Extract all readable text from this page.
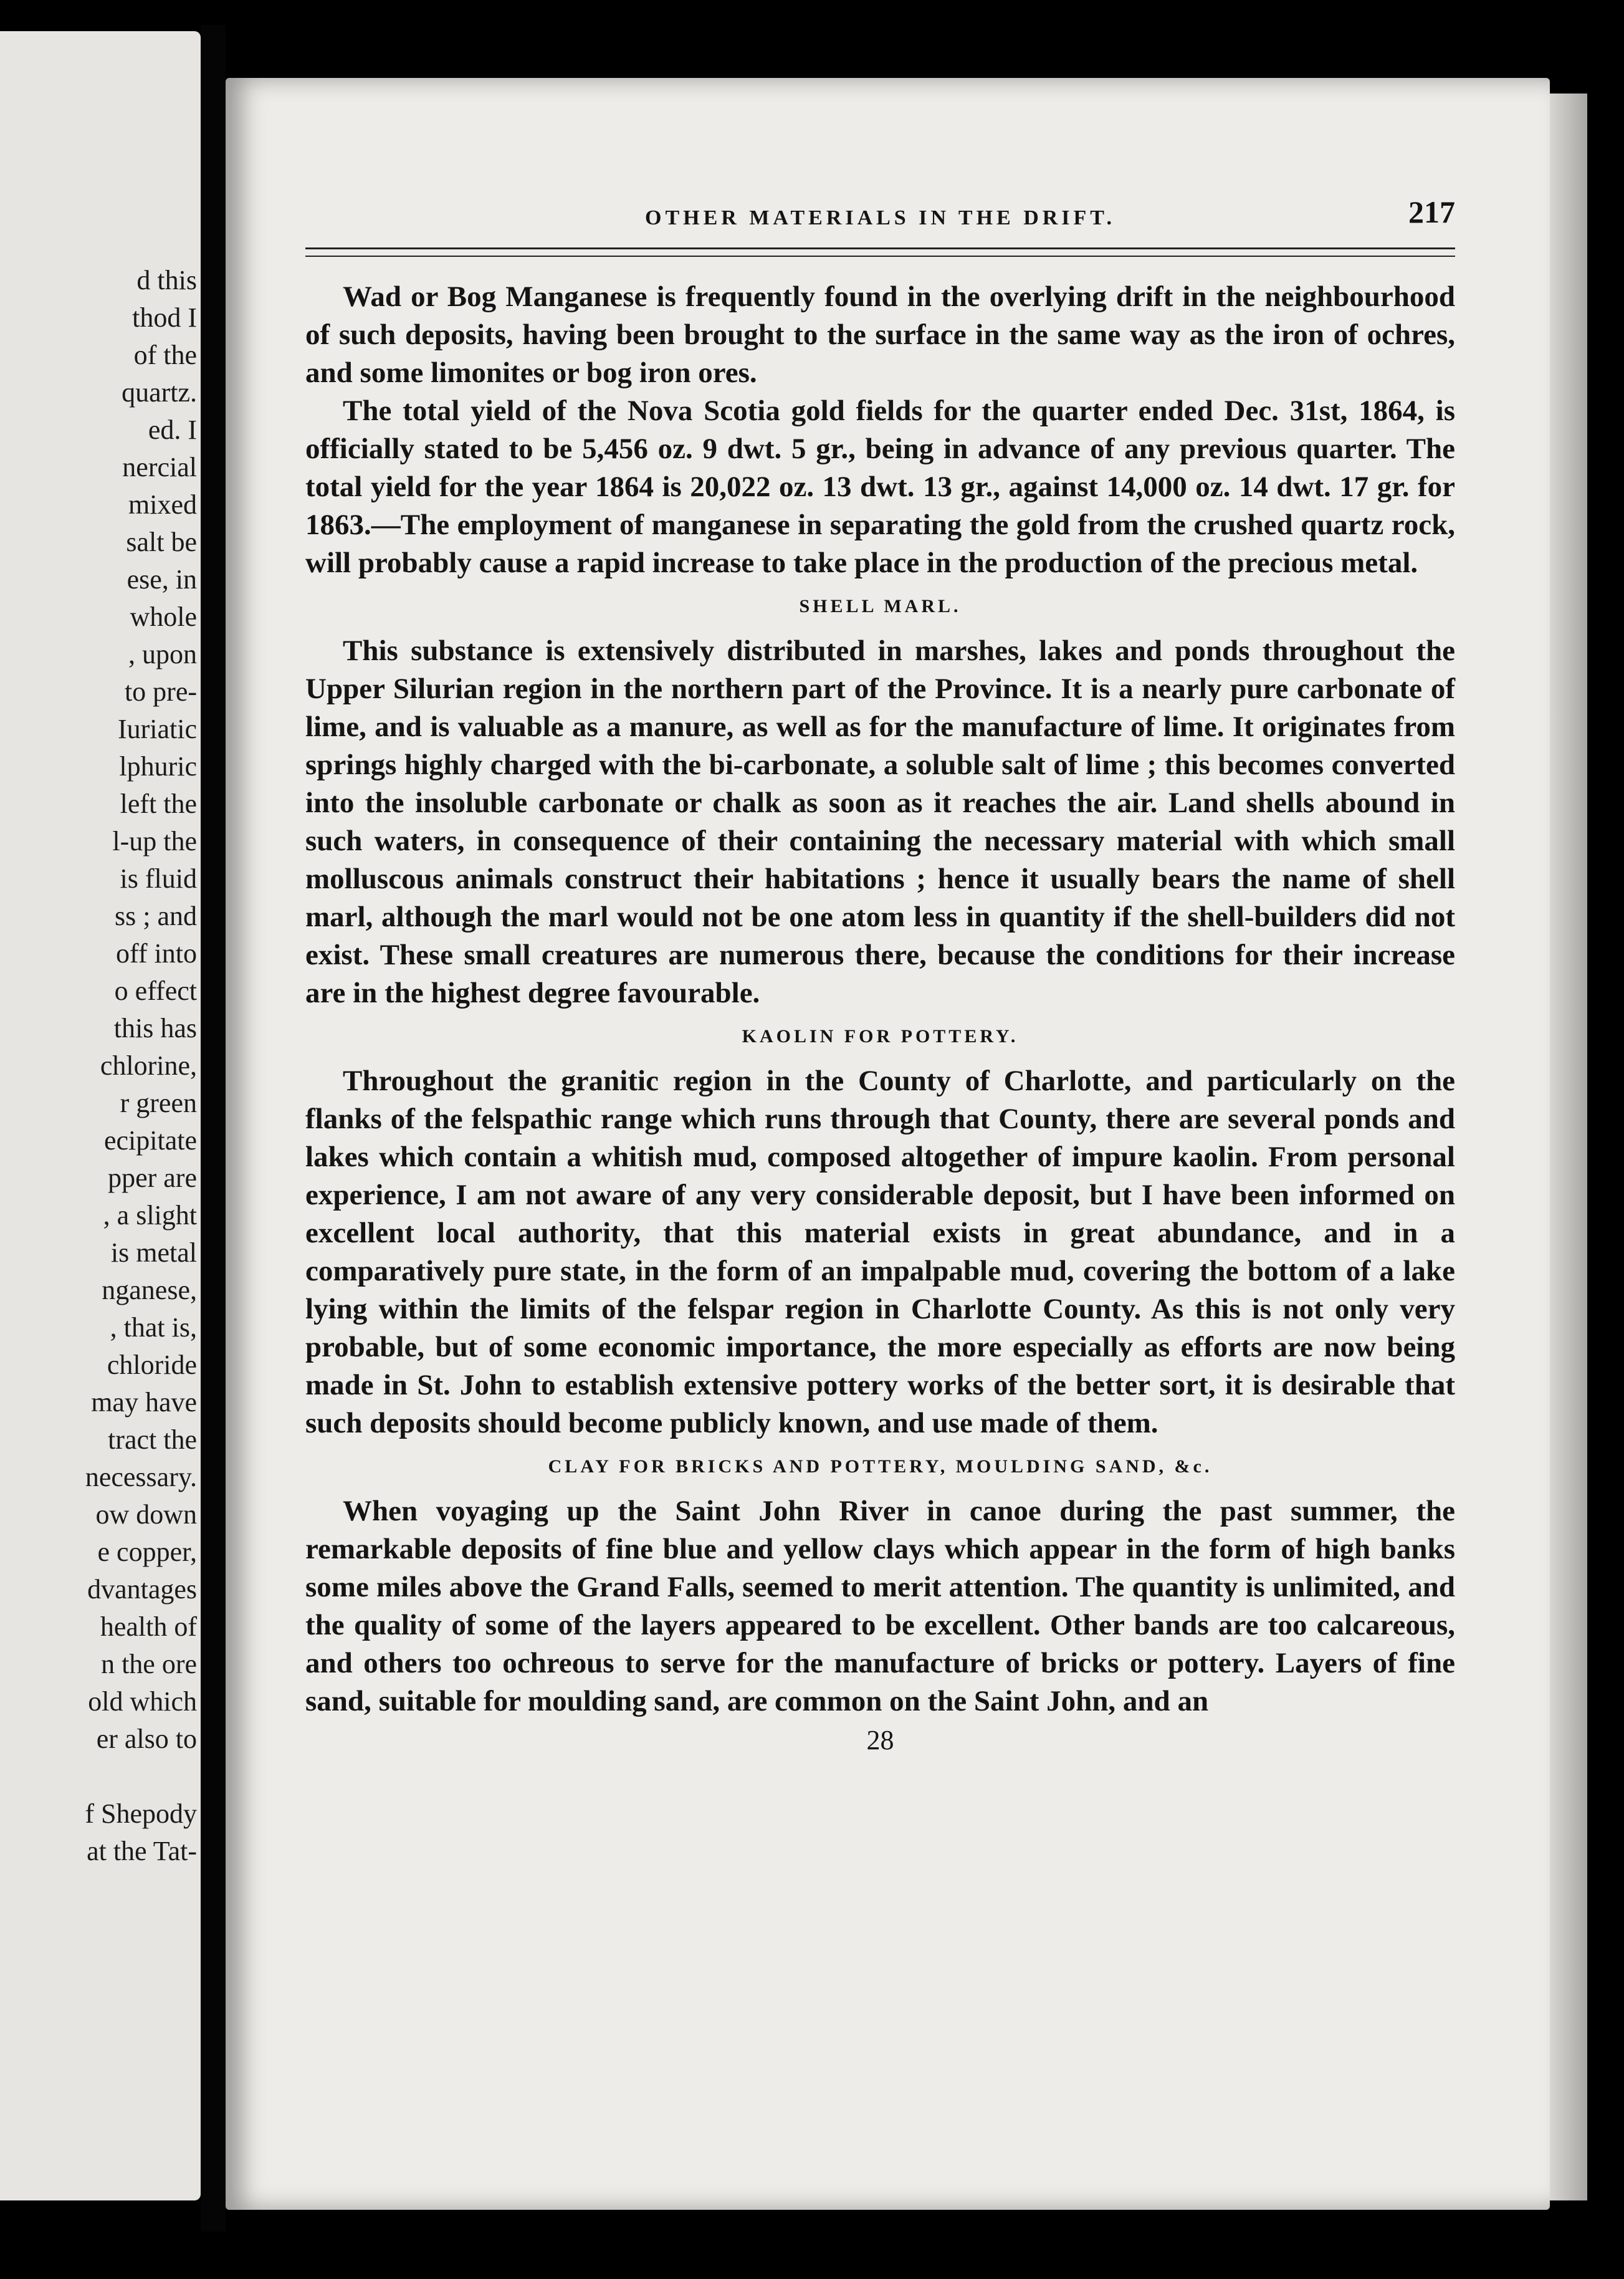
d this
thod I
of the
quartz.
ed. I
nercial
mixed
salt be
ese, in
whole
, upon
to pre-
Iuriatic
lphuric
left the
l-up the
is fluid
ss ; and
off into
o effect
this has
chlorine,
r green
ecipitate
pper are
, a slight
is metal
nganese,
, that is,
chloride
may have
tract the
necessary.
ow down
e copper,
dvantages
health of
n the ore
old which
er also to
f Shepody
at the Tat-
OTHER MATERIALS IN THE DRIFT.	217

Wad or Bog Manganese is frequently found in the overlying drift in the neighbourhood of such deposits, having been brought to the surface in the same way as the iron of ochres, and some limonites or bog iron ores.

The total yield of the Nova Scotia gold fields for the quarter ended Dec. 31st, 1864, is officially stated to be 5,456 oz. 9 dwt. 5 gr., being in advance of any previous quarter. The total yield for the year 1864 is 20,022 oz. 13 dwt. 13 gr., against 14,000 oz. 14 dwt. 17 gr. for 1863.—The employment of manganese in separating the gold from the crushed quartz rock, will probably cause a rapid increase to take place in the production of the precious metal.

SHELL MARL.

This substance is extensively distributed in marshes, lakes and ponds throughout the Upper Silurian region in the northern part of the Province. It is a nearly pure carbonate of lime, and is valuable as a manure, as well as for the manufacture of lime. It originates from springs highly charged with the bi-carbonate, a soluble salt of lime ; this becomes converted into the insoluble carbonate or chalk as soon as it reaches the air. Land shells abound in such waters, in consequence of their containing the necessary material with which small molluscous animals construct their habitations ; hence it usually bears the name of shell marl, although the marl would not be one atom less in quantity if the shell-builders did not exist. These small creatures are numerous there, because the conditions for their increase are in the highest degree favourable.

KAOLIN FOR POTTERY.

Throughout the granitic region in the County of Charlotte, and particularly on the flanks of the felspathic range which runs through that County, there are several ponds and lakes which contain a whitish mud, composed altogether of impure kaolin. From personal experience, I am not aware of any very considerable deposit, but I have been informed on excellent local authority, that this material exists in great abundance, and in a comparatively pure state, in the form of an impalpable mud, covering the bottom of a lake lying within the limits of the felspar region in Charlotte County. As this is not only very probable, but of some economic importance, the more especially as efforts are now being made in St. John to establish extensive pottery works of the better sort, it is desirable that such deposits should become publicly known, and use made of them.

CLAY FOR BRICKS AND POTTERY, MOULDING SAND, &c.

When voyaging up the Saint John River in canoe during the past summer, the remarkable deposits of fine blue and yellow clays which appear in the form of high banks some miles above the Grand Falls, seemed to merit attention. The quantity is unlimited, and the quality of some of the layers appeared to be excellent. Other bands are too calcareous, and others too ochreous to serve for the manufacture of bricks or pottery. Layers of fine sand, suitable for moulding sand, are common on the Saint John, and an

28
